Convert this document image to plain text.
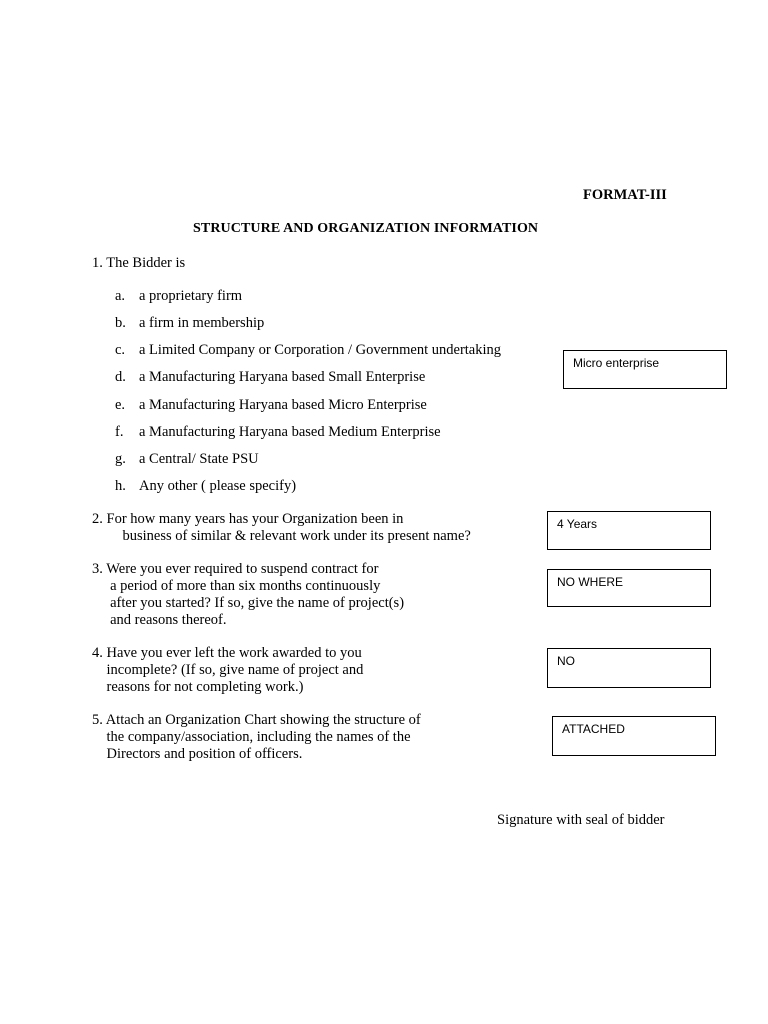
FORMAT-III
STRUCTURE AND ORGANIZATION INFORMATION
1. The Bidder is
a. a proprietary firm
b. a firm in membership
c. a Limited Company or Corporation / Government undertaking
d. a Manufacturing Haryana based Small Enterprise
e. a Manufacturing Haryana based Micro Enterprise
f. a Manufacturing Haryana based Medium Enterprise
g. a Central/ State PSU
h. Any other ( please specify)
Micro enterprise
2. For how many years has your Organization been in
business of similar & relevant work under its present name?
4 Years
3. Were you ever required to suspend contract for
a period of more than six months continuously
after you started? If so, give the name of project(s)
and reasons thereof.
NO WHERE
4. Have you ever left the work awarded to you
incomplete? (If so, give name of project and
reasons for not completing work.)
NO
5. Attach an Organization Chart showing the structure of
the company/association, including the names of the
Directors and position of officers.
ATTACHED
Signature with seal of bidder
